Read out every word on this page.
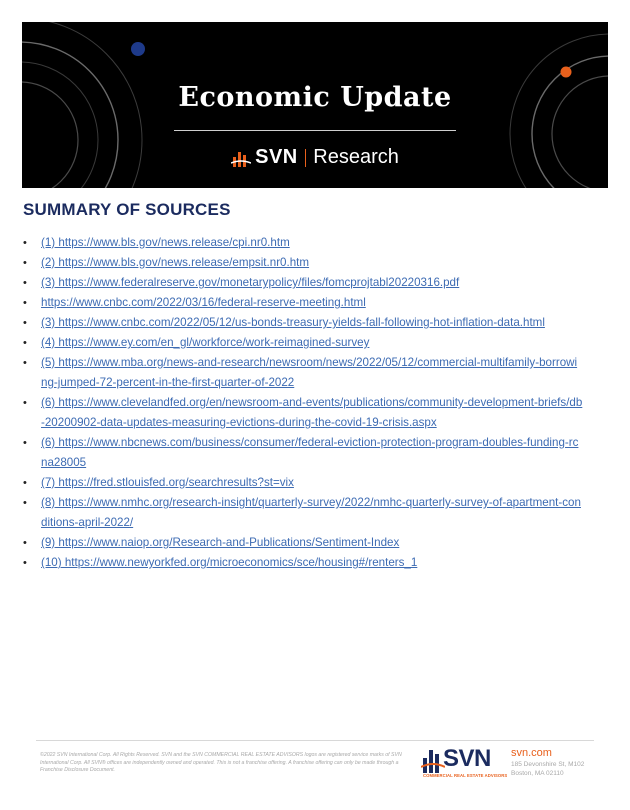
Economic Update
SVN Research
SUMMARY OF SOURCES
• (1) https://www.bls.gov/news.release/cpi.nr0.htm
• (2) https://www.bls.gov/news.release/empsit.nr0.htm
• (3) https://www.federalreserve.gov/monetarypolicy/files/fomcprojtabl20220316.pdf
• https://www.cnbc.com/2022/03/16/federal-reserve-meeting.html
• (3) https://www.cnbc.com/2022/05/12/us-bonds-treasury-yields-fall-following-hot-inflation-data.html
• (4) https://www.ey.com/en_gl/workforce/work-reimagined-survey
• (5) https://www.mba.org/news-and-research/newsroom/news/2022/05/12/commercial-multifamily-borrowing-jumped-72-percent-in-the-first-quarter-of-2022
• (6) https://www.clevelandfed.org/en/newsroom-and-events/publications/community-development-briefs/db-20200902-data-updates-measuring-evictions-during-the-covid-19-crisis.aspx
• (6) https://www.nbcnews.com/business/consumer/federal-eviction-protection-program-doubles-funding-rcna28005
• (7) https://fred.stlouisfed.org/searchresults?st=vix
• (8) https://www.nmhc.org/research-insight/quarterly-survey/2022/nmhc-quarterly-survey-of-apartment-conditions-april-2022/
• (9) https://www.naiop.org/Research-and-Publications/Sentiment-Index
• (10) https://www.newyorkfed.org/microeconomics/sce/housing#/renters_1
©2022 SVN International Corp. All Rights Reserved. SVN and the SVN COMMERCIAL REAL ESTATE ADVISORS logos are registered service marks of SVN International Corp. All SVN® offices are independently owned and operated. This is not a franchise offering. A franchise offering can only be made through a Franchise Disclosure Document.	SVN
COMMERCIAL REAL ESTATE ADVISORS
svn.com
185 Devonshire St, M102
Boston, MA 02110
